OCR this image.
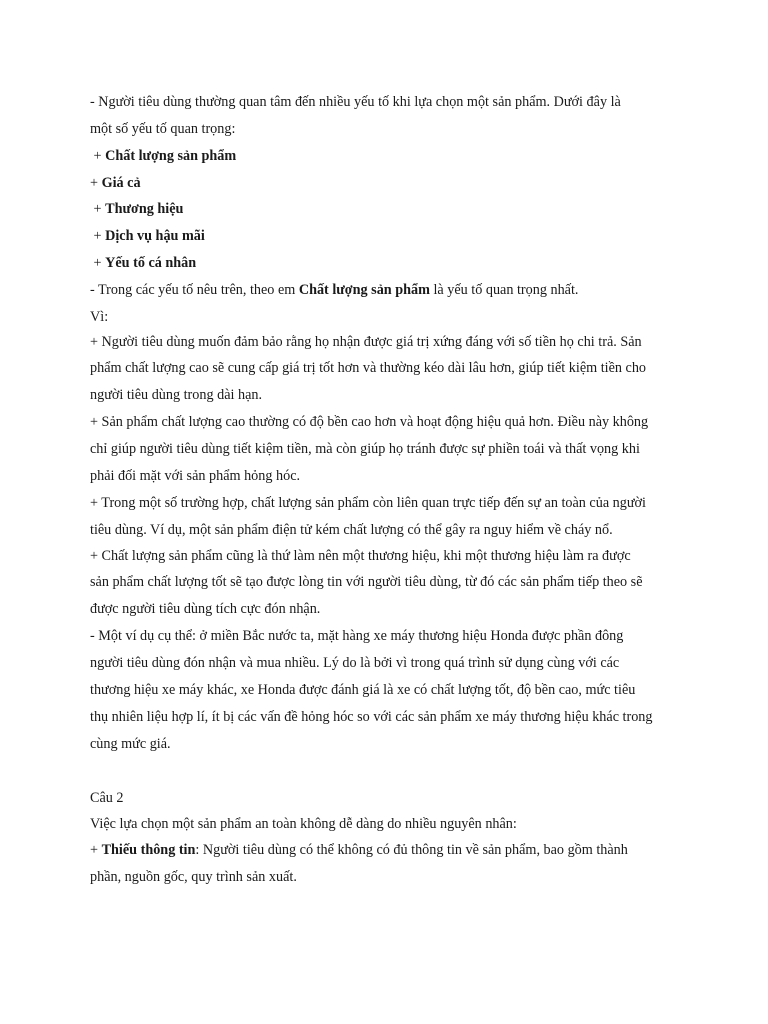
- Người tiêu dùng thường quan tâm đến nhiều yếu tố khi lựa chọn một sản phẩm. Dưới đây là
một số yếu tố quan trọng:
+ Chất lượng sản phẩm
+ Giá cả
+ Thương hiệu
+ Dịch vụ hậu mãi
+ Yếu tố cá nhân
- Trong các yếu tố nêu trên, theo em Chất lượng sản phẩm là yếu tố quan trọng nhất.
Vì:
+ Người tiêu dùng muốn đảm bảo rằng họ nhận được giá trị xứng đáng với số tiền họ chi trả. Sản
phẩm chất lượng cao sẽ cung cấp giá trị tốt hơn và thường kéo dài lâu hơn, giúp tiết kiệm tiền cho
người tiêu dùng trong dài hạn.
+ Sản phẩm chất lượng cao thường có độ bền cao hơn và hoạt động hiệu quả hơn. Điều này không
chỉ giúp người tiêu dùng tiết kiệm tiền, mà còn giúp họ tránh được sự phiền toái và thất vọng khi
phải đối mặt với sản phẩm hỏng hóc.
+ Trong một số trường hợp, chất lượng sản phẩm còn liên quan trực tiếp đến sự an toàn của người
tiêu dùng. Ví dụ, một sản phẩm điện tử kém chất lượng có thể gây ra nguy hiểm về cháy nổ.
+ Chất lượng sản phẩm cũng là thứ làm nên một thương hiệu, khi một thương hiệu làm ra được
sản phẩm chất lượng tốt sẽ tạo được lòng tin với người tiêu dùng, từ đó các sản phẩm tiếp theo sẽ
được người tiêu dùng tích cực đón nhận.
- Một ví dụ cụ thể: ở miền Bắc nước ta, mặt hàng xe máy thương hiệu Honda được phần đông
người tiêu dùng đón nhận và mua nhiều. Lý do là bởi vì trong quá trình sử dụng cùng với các
thương hiệu xe máy khác, xe Honda được đánh giá là xe có chất lượng tốt, độ bền cao, mức tiêu
thụ nhiên liệu hợp lí, ít bị các vấn đề hỏng hóc so với các sản phẩm xe máy thương hiệu khác trong
cùng mức giá.
Câu 2
Việc lựa chọn một sản phẩm an toàn không dễ dàng do nhiều nguyên nhân:
+ Thiếu thông tin: Người tiêu dùng có thể không có đủ thông tin về sản phẩm, bao gồm thành
phần, nguồn gốc, quy trình sản xuất.
